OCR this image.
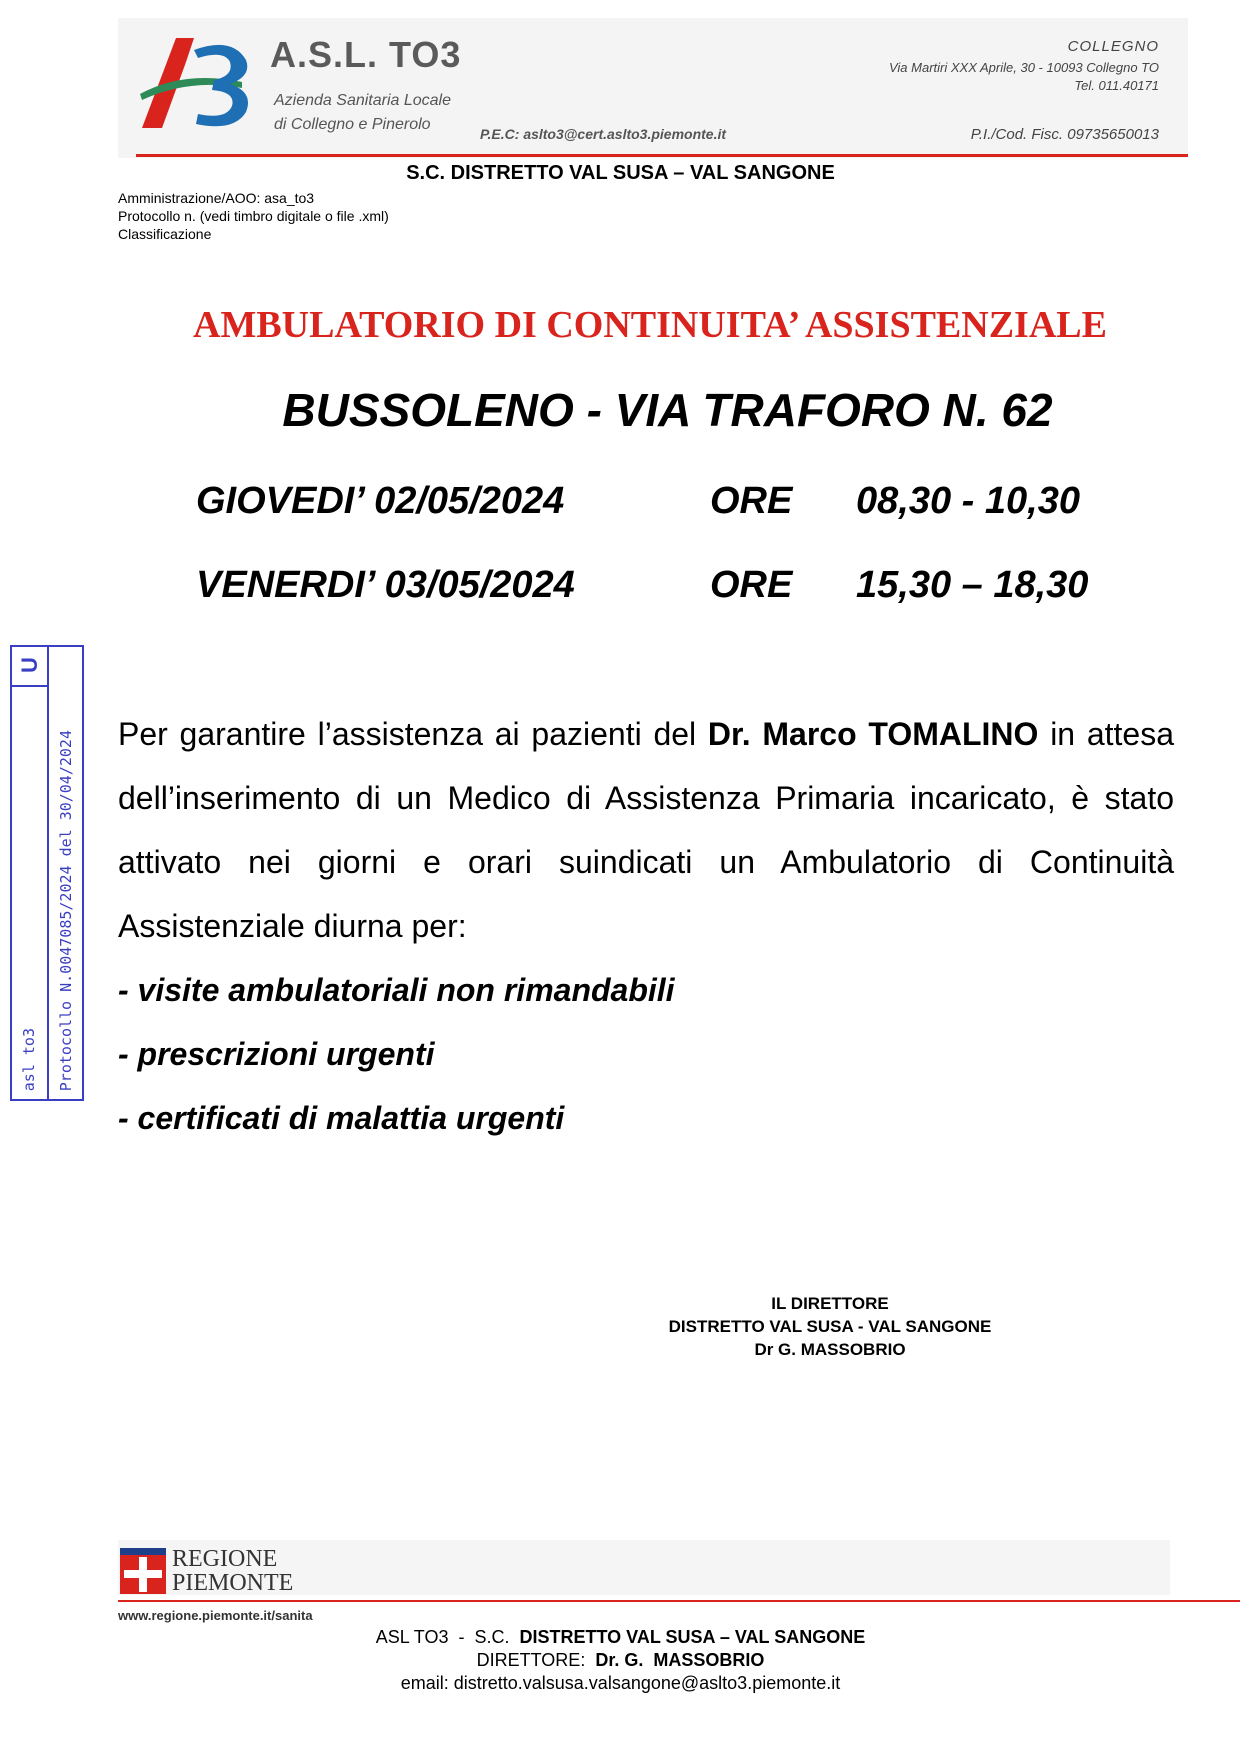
A.S.L. TO3
Azienda Sanitaria Locale
di Collegno e Pinerolo
P.E.C: aslto3@cert.aslto3.piemonte.it
COLLEGNO
Via Martiri XXX Aprile, 30 - 10093 Collegno TO
Tel. 011.40171
P.I./Cod. Fisc. 09735650013
S.C. DISTRETTO VAL SUSA – VAL SANGONE
Amministrazione/AOO: asa_to3
Protocollo n. (vedi timbro digitale o file .xml)
Classificazione
AMBULATORIO DI CONTINUITA’ ASSISTENZIALE
BUSSOLENO - VIA TRAFORO N. 62
GIOVEDI’ 02/05/2024	ORE 08,30 - 10,30
VENERDI’ 03/05/2024	ORE 15,30 – 18,30
U
asl to3 Protocollo N.0047085/2024 del 30/04/2024 Per garantire l’assistenza ai pazienti del Dr. Marco TOMALINO in attesa dell’inserimento di un Medico di Assistenza Primaria incaricato, è stato attivato nei giorni e orari suindicati un Ambulatorio di Continuità Assistenziale diurna per:

- visite ambulatoriali non rimandabili
- prescrizioni urgenti
- certificati di malattia urgenti
IL DIRETTORE
DISTRETTO VAL SUSA - VAL SANGONE
Dr G. MASSOBRIO
REGIONE
PIEMONTE
www.regione.piemonte.it/sanita
ASL TO3  -  S.C.  DISTRETTO VAL SUSA – VAL SANGONE
DIRETTORE:  Dr. G.  MASSOBRIO
email: distretto.valsusa.valsangone@aslto3.piemonte.it
